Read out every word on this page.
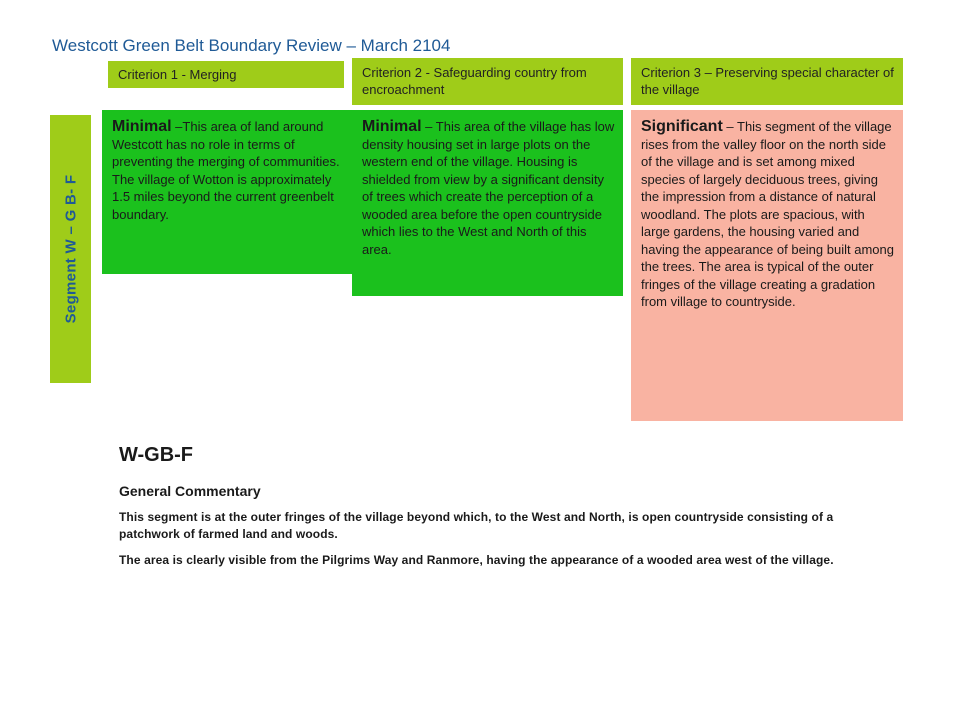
Westcott Green Belt Boundary Review – March 2104
Criterion 1 - Merging	Criterion 2 - Safeguarding country from encroachment
Criterion 3 – Preserving special character of the village
Segment W – G B- F
Minimal –This area of land around Westcott has no role in terms of preventing the merging of communities.
The village of Wotton is approximately 1.5 miles beyond the current greenbelt boundary.
Minimal – This area of the village has low density housing set in large plots on the western end of the village. Housing is shielded from view by a significant density of trees which create the perception of a wooded area before the open countryside which lies to the West and North of this area.
Significant – This segment of the village rises from the valley floor on the north side of the village and is set among mixed species of largely deciduous trees, giving the impression from a distance of natural woodland. The plots are spacious, with large gardens, the housing varied and having the appearance of being built among the trees. The area is typical of the outer fringes of the village creating a gradation from village to countryside.
W-GB-F
General Commentary

This segment is at the outer fringes of the village beyond which, to the West and North, is open countryside consisting of a patchwork of farmed land and woods.

The area is clearly visible from the Pilgrims Way and Ranmore, having the appearance of a wooded area west of the village.
